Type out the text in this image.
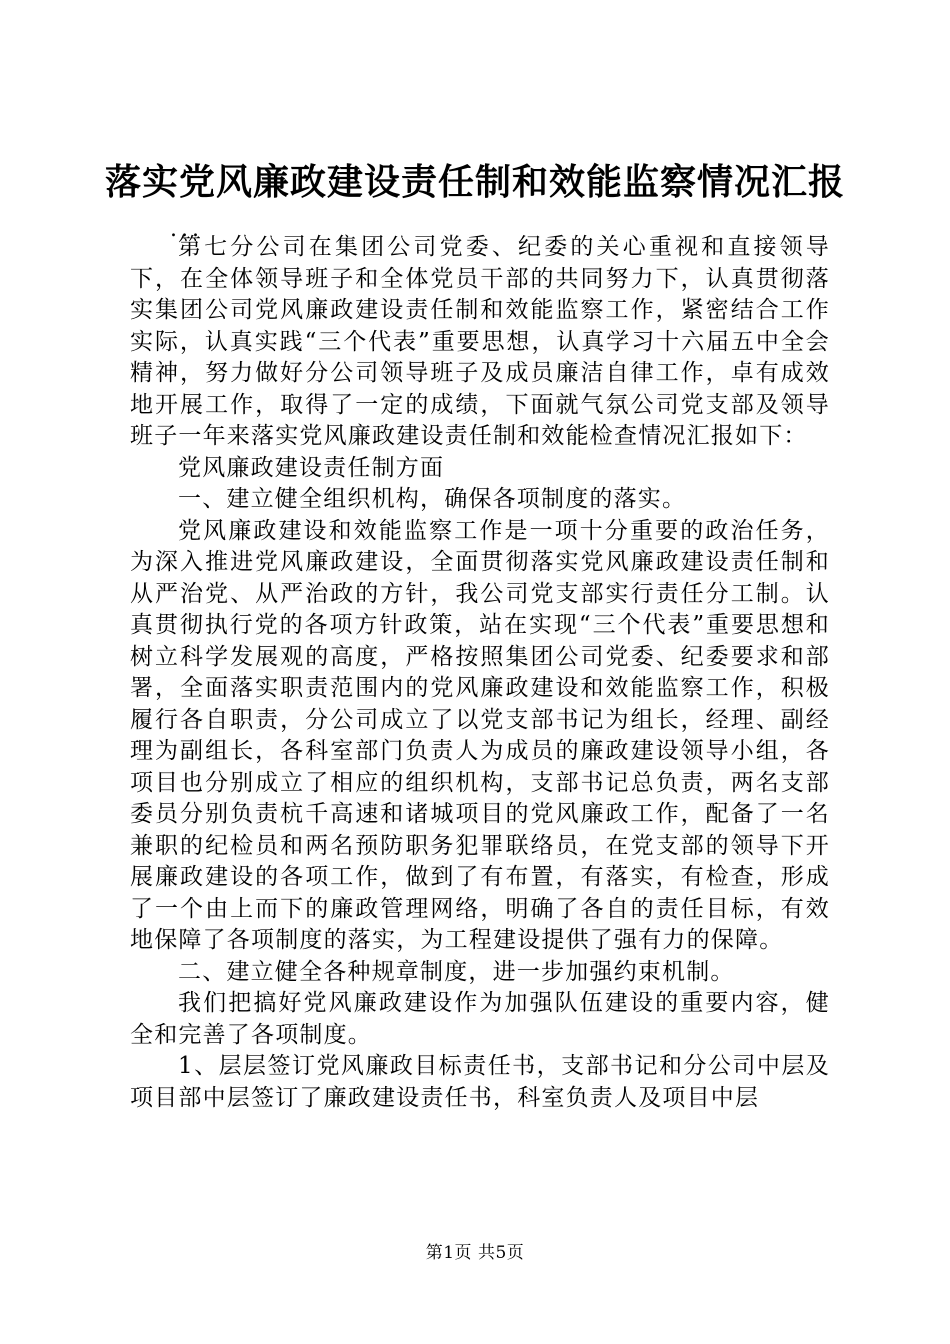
落实党风廉政建设责任制和效能监察情况汇报
...

第七分公司在集团公司党委、纪委的关心重视和直接领导下，在全体领导班子和全体党员干部的共同努力下，认真贯彻落实集团公司党风廉政建设责任制和效能监察工作，紧密结合工作实际，认真实践“三个代表”重要思想，认真学习十六届五中全会精神，努力做好分公司领导班子及成员廉洁自律工作，卓有成效地开展工作，取得了一定的成绩，下面就气氛公司党支部及领导班子一年来落实党风廉政建设责任制和效能检查情况汇报如下：

党风廉政建设责任制方面

一、建立健全组织机构，确保各项制度的落实。

党风廉政建设和效能监察工作是一项十分重要的政治任务，为深入推进党风廉政建设，全面贯彻落实党风廉政建设责任制和从严治党、从严治政的方针，我公司党支部实行责任分工制。认真贯彻执行党的各项方针政策，站在实现“三个代表”重要思想和树立科学发展观的高度，严格按照集团公司党委、纪委要求和部署，全面落实职责范围内的党风廉政建设和效能监察工作，积极履行各自职责，分公司成立了以党支部书记为组长，经理、副经理为副组长，各科室部门负责人为成员的廉政建设领导小组，各项目也分别成立了相应的组织机构，支部书记总负责，两名支部委员分别负责杭千高速和诸城项目的党风廉政工作，配备了一名兼职的纪检员和两名预防职务犯罪联络员，在党支部的领导下开展廉政建设的各项工作，做到了有布置，有落实，有检查，形成了一个由上而下的廉政管理网络，明确了各自的责任目标，有效地保障了各项制度的落实，为工程建设提供了强有力的保障。

二、建立健全各种规章制度，进一步加强约束机制。

我们把搞好党风廉政建设作为加强队伍建设的重要内容，健全和完善了各项制度。

1、层层签订党风廉政目标责任书，支部书记和分公司中层及项目部中层签订了廉政建设责任书，科室负责人及项目中层

第1页 共5页
